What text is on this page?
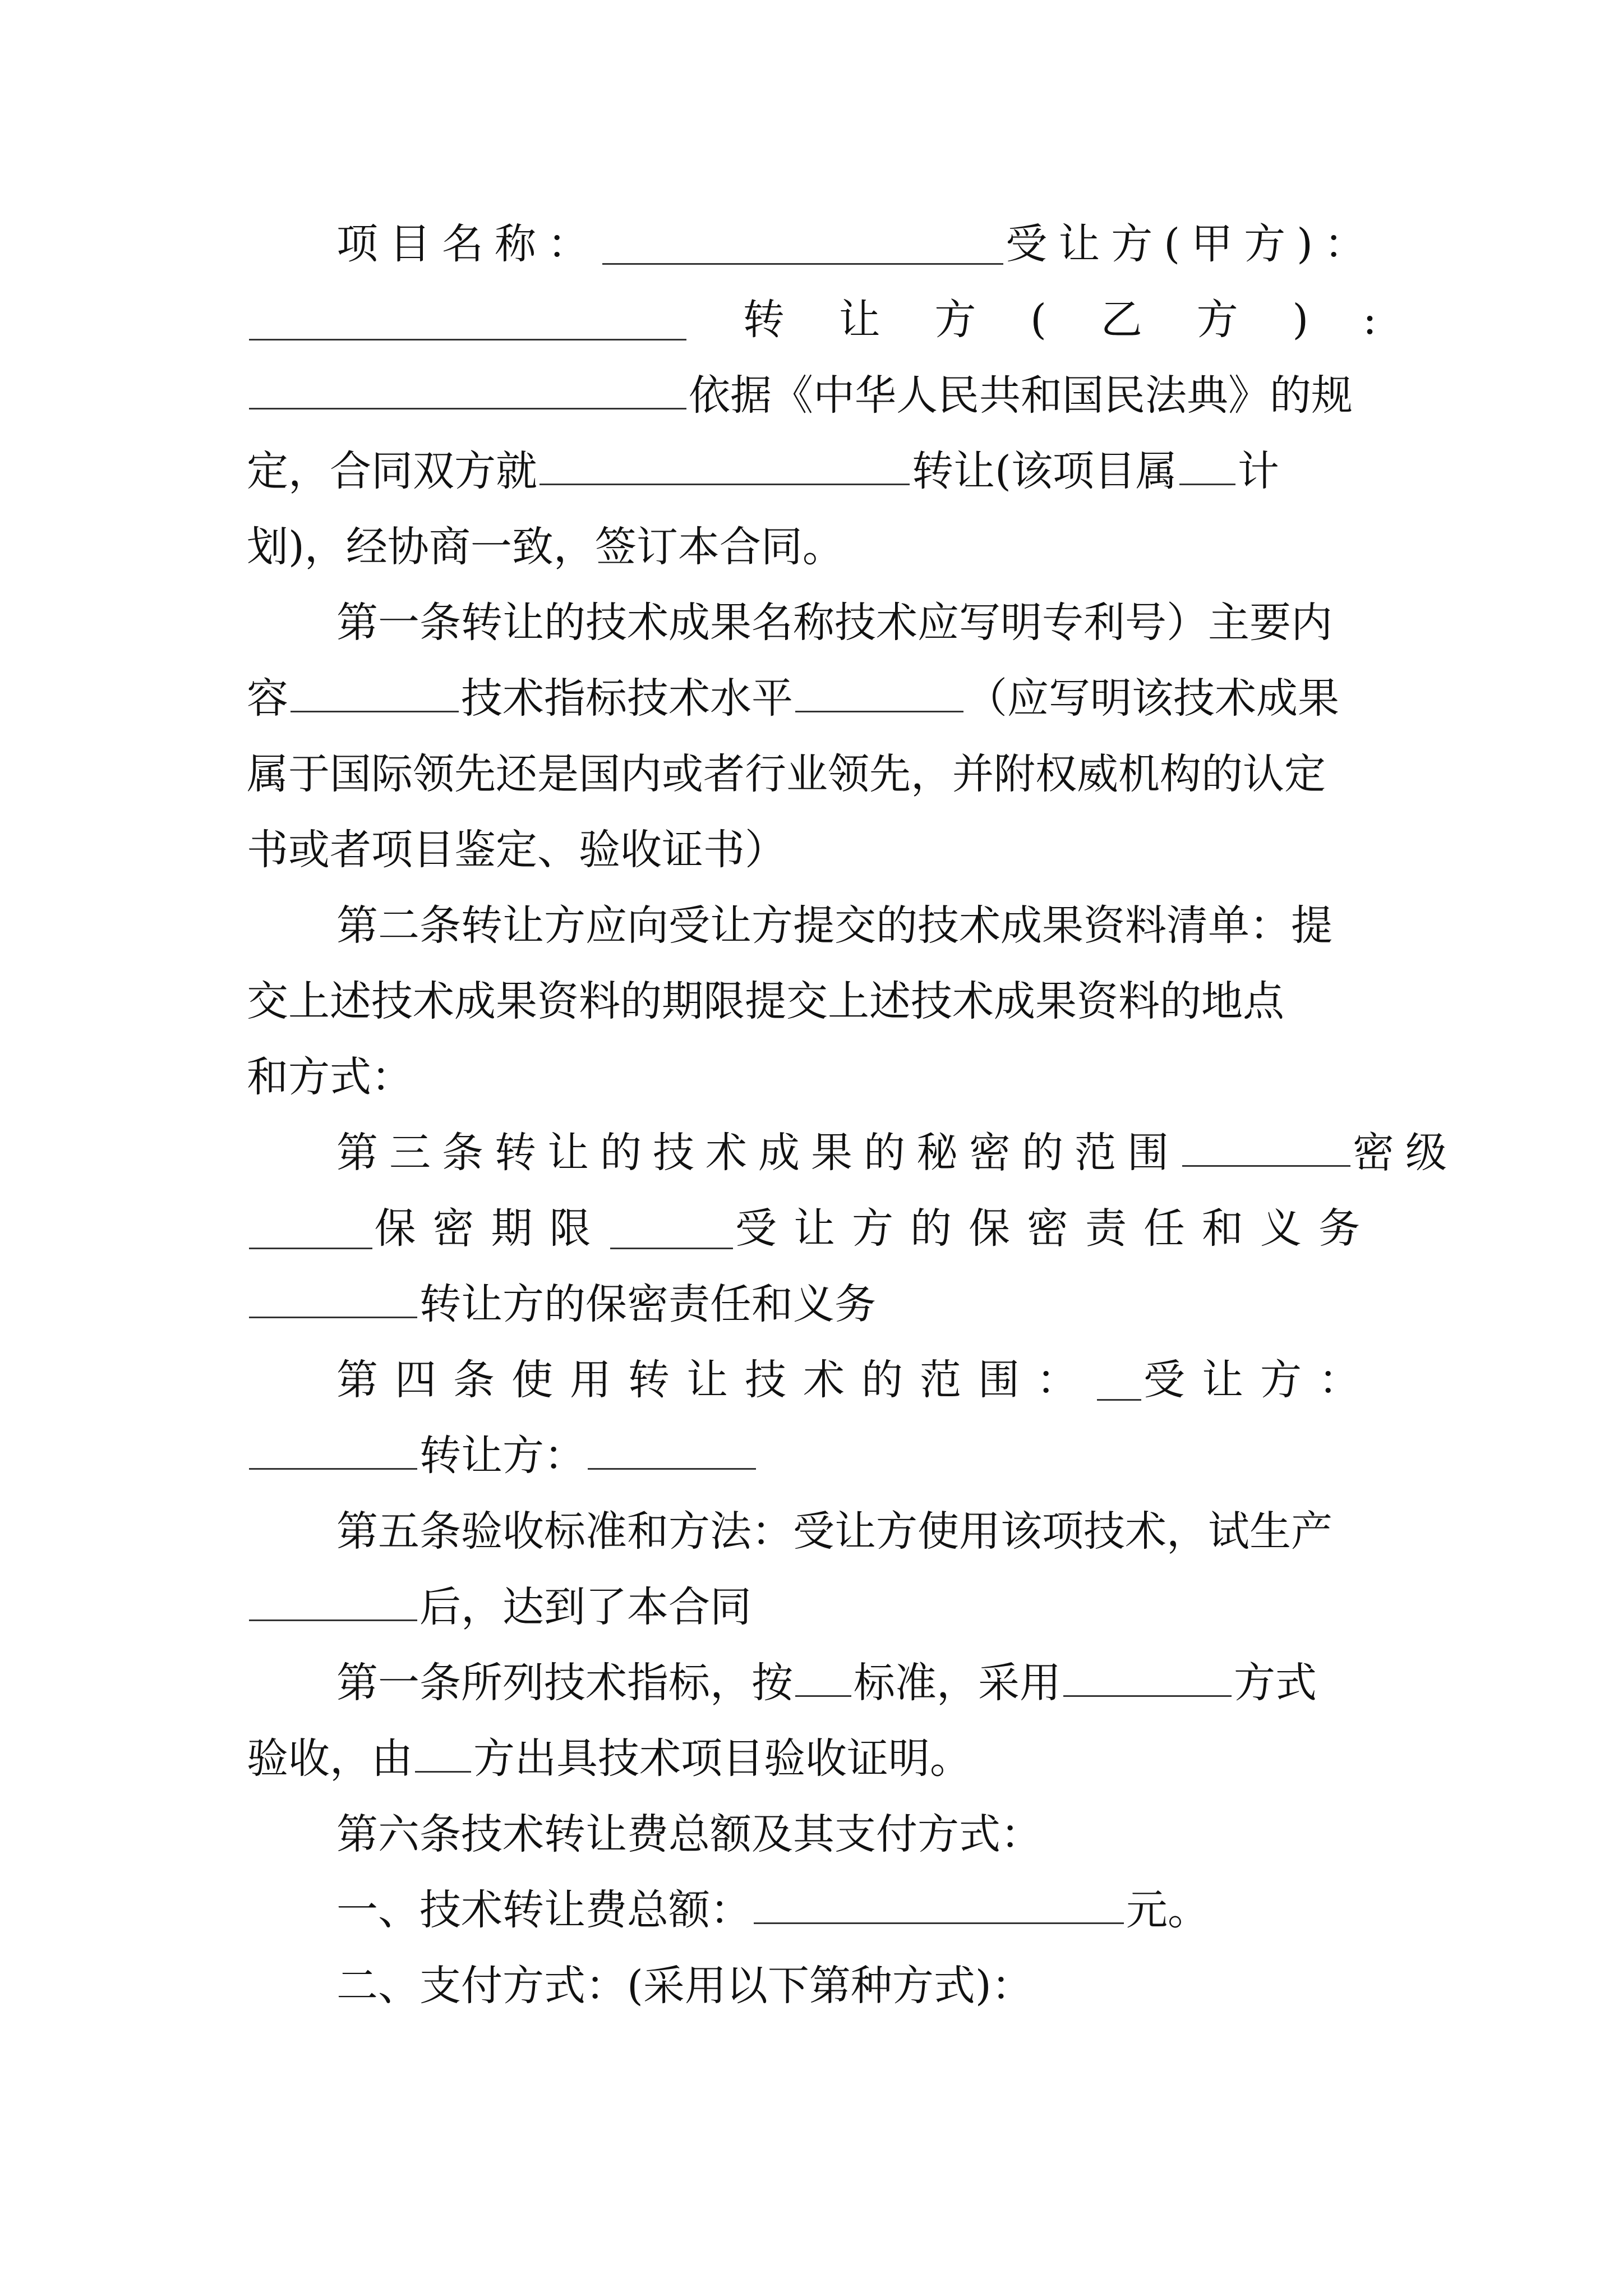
项目名称：	受让方(甲方)：
转 让 方 ( 乙 方 ) :
依据《中华人民共和国民法典》的规
定，合同双方就	转让(该项目属 计
划)，经协商一致，签订本合同。
第一条转让的技术成果名称技术应写明专利号）主要内
容	技术指标技术水平	（应写明该技术成果
属于国际领先还是国内或者行业领先，并附权威机构的认定
书或者项目鉴定、验收证书）
第二条转让方应向受让方提交的技术成果资料清单：提
交上述技术成果资料的期限提交上述技术成果资料的地点
和方式：
第三条转让的技术成果的秘密的范围	密级
保密期限	受让方的保密责任和义务
转让方的保密责任和义务
第四条使用转让技术的范围： 受让方：
转让方：
第五条验收标准和方法：受让方使用该项技术，试生产
后，达到了本合同
第一条所列技术指标，按 标准，采用	方式
验收，由 方出具技术项目验收证明。
第六条技术转让费总额及其支付方式：
一、技术转让费总额：	元。
二、支付方式：(采用以下第种方式)：
